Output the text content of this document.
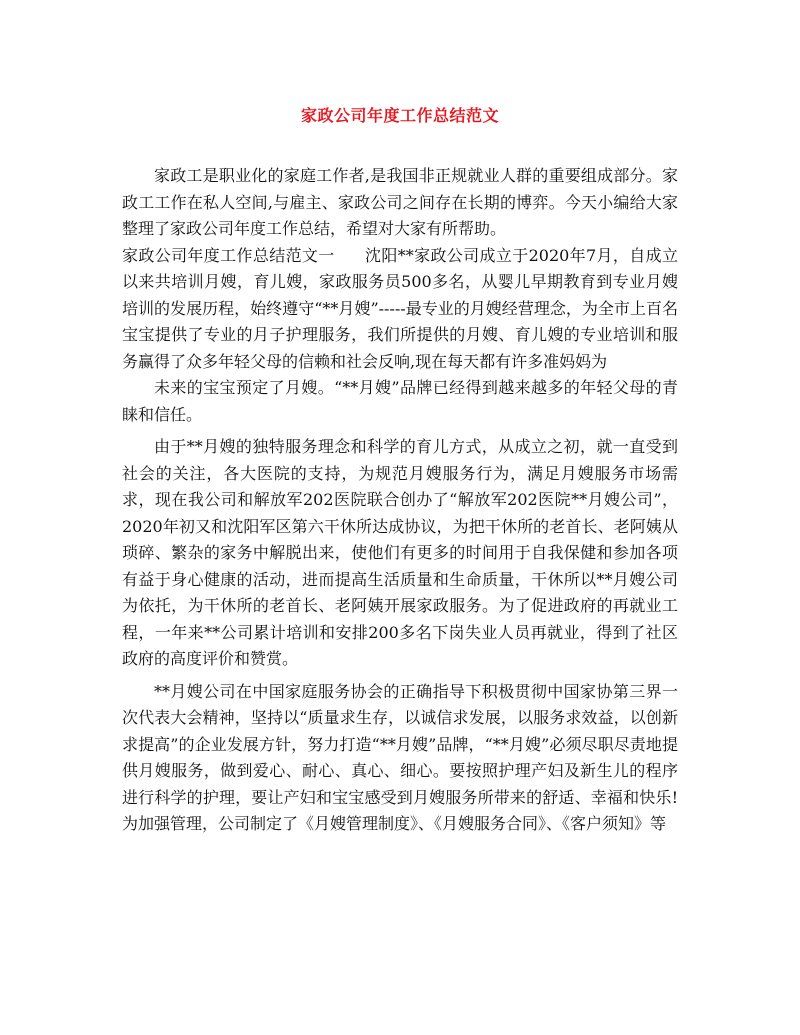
家政公司年度工作总结范文

家政工是职业化的家庭工作者,是我国非正规就业人群的重要组成部分。家政工工作在私人空间,与雇主、家政公司之间存在长期的博弈。今天小编给大家整理了家政公司年度工作总结，希望对大家有所帮助。

家政公司年度工作总结范文一 沈阳**家政公司成立于2020年7月，自成立以来共培训月嫂，育儿嫂，家政服务员500多名，从婴儿早期教育到专业月嫂培训的发展历程，始终遵守“**月嫂”-----最专业的月嫂经营理念，为全市上百名宝宝提供了专业的月子护理服务，我们所提供的月嫂、育儿嫂的专业培训和服务赢得了众多年轻父母的信赖和社会反响,现在每天都有许多准妈妈为

未来的宝宝预定了月嫂。“**月嫂”品牌已经得到越来越多的年轻父母的青睐和信任。

由于**月嫂的独特服务理念和科学的育儿方式，从成立之初，就一直受到社会的关注，各大医院的支持，为规范月嫂服务行为，满足月嫂服务市场需求，现在我公司和解放军202医院联合创办了“解放军202医院**月嫂公司”，2020年初又和沈阳军区第六干休所达成协议，为把干休所的老首长、老阿姨从琐碎、繁杂的家务中解脱出来，使他们有更多的时间用于自我保健和参加各项有益于身心健康的活动，进而提高生活质量和生命质量，干休所以**月嫂公司为依托，为干休所的老首长、老阿姨开展家政服务。为了促进政府的再就业工程，一年来**公司累计培训和安排200多名下岗失业人员再就业，得到了社区政府的高度评价和赞赏。

**月嫂公司在中国家庭服务协会的正确指导下积极贯彻中国家协第三界一次代表大会精神，坚持以“质量求生存，以诚信求发展，以服务求效益，以创新求提高”的企业发展方针，努力打造“**月嫂”品牌，“**月嫂”必须尽职尽责地提供月嫂服务，做到爱心、耐心、真心、细心。要按照护理产妇及新生儿的程序进行科学的护理，要让产妇和宝宝感受到月嫂服务所带来的舒适、幸福和快乐!为加强管理，公司制定了《月嫂管理制度》、《月嫂服务合同》、《客户须知》等
